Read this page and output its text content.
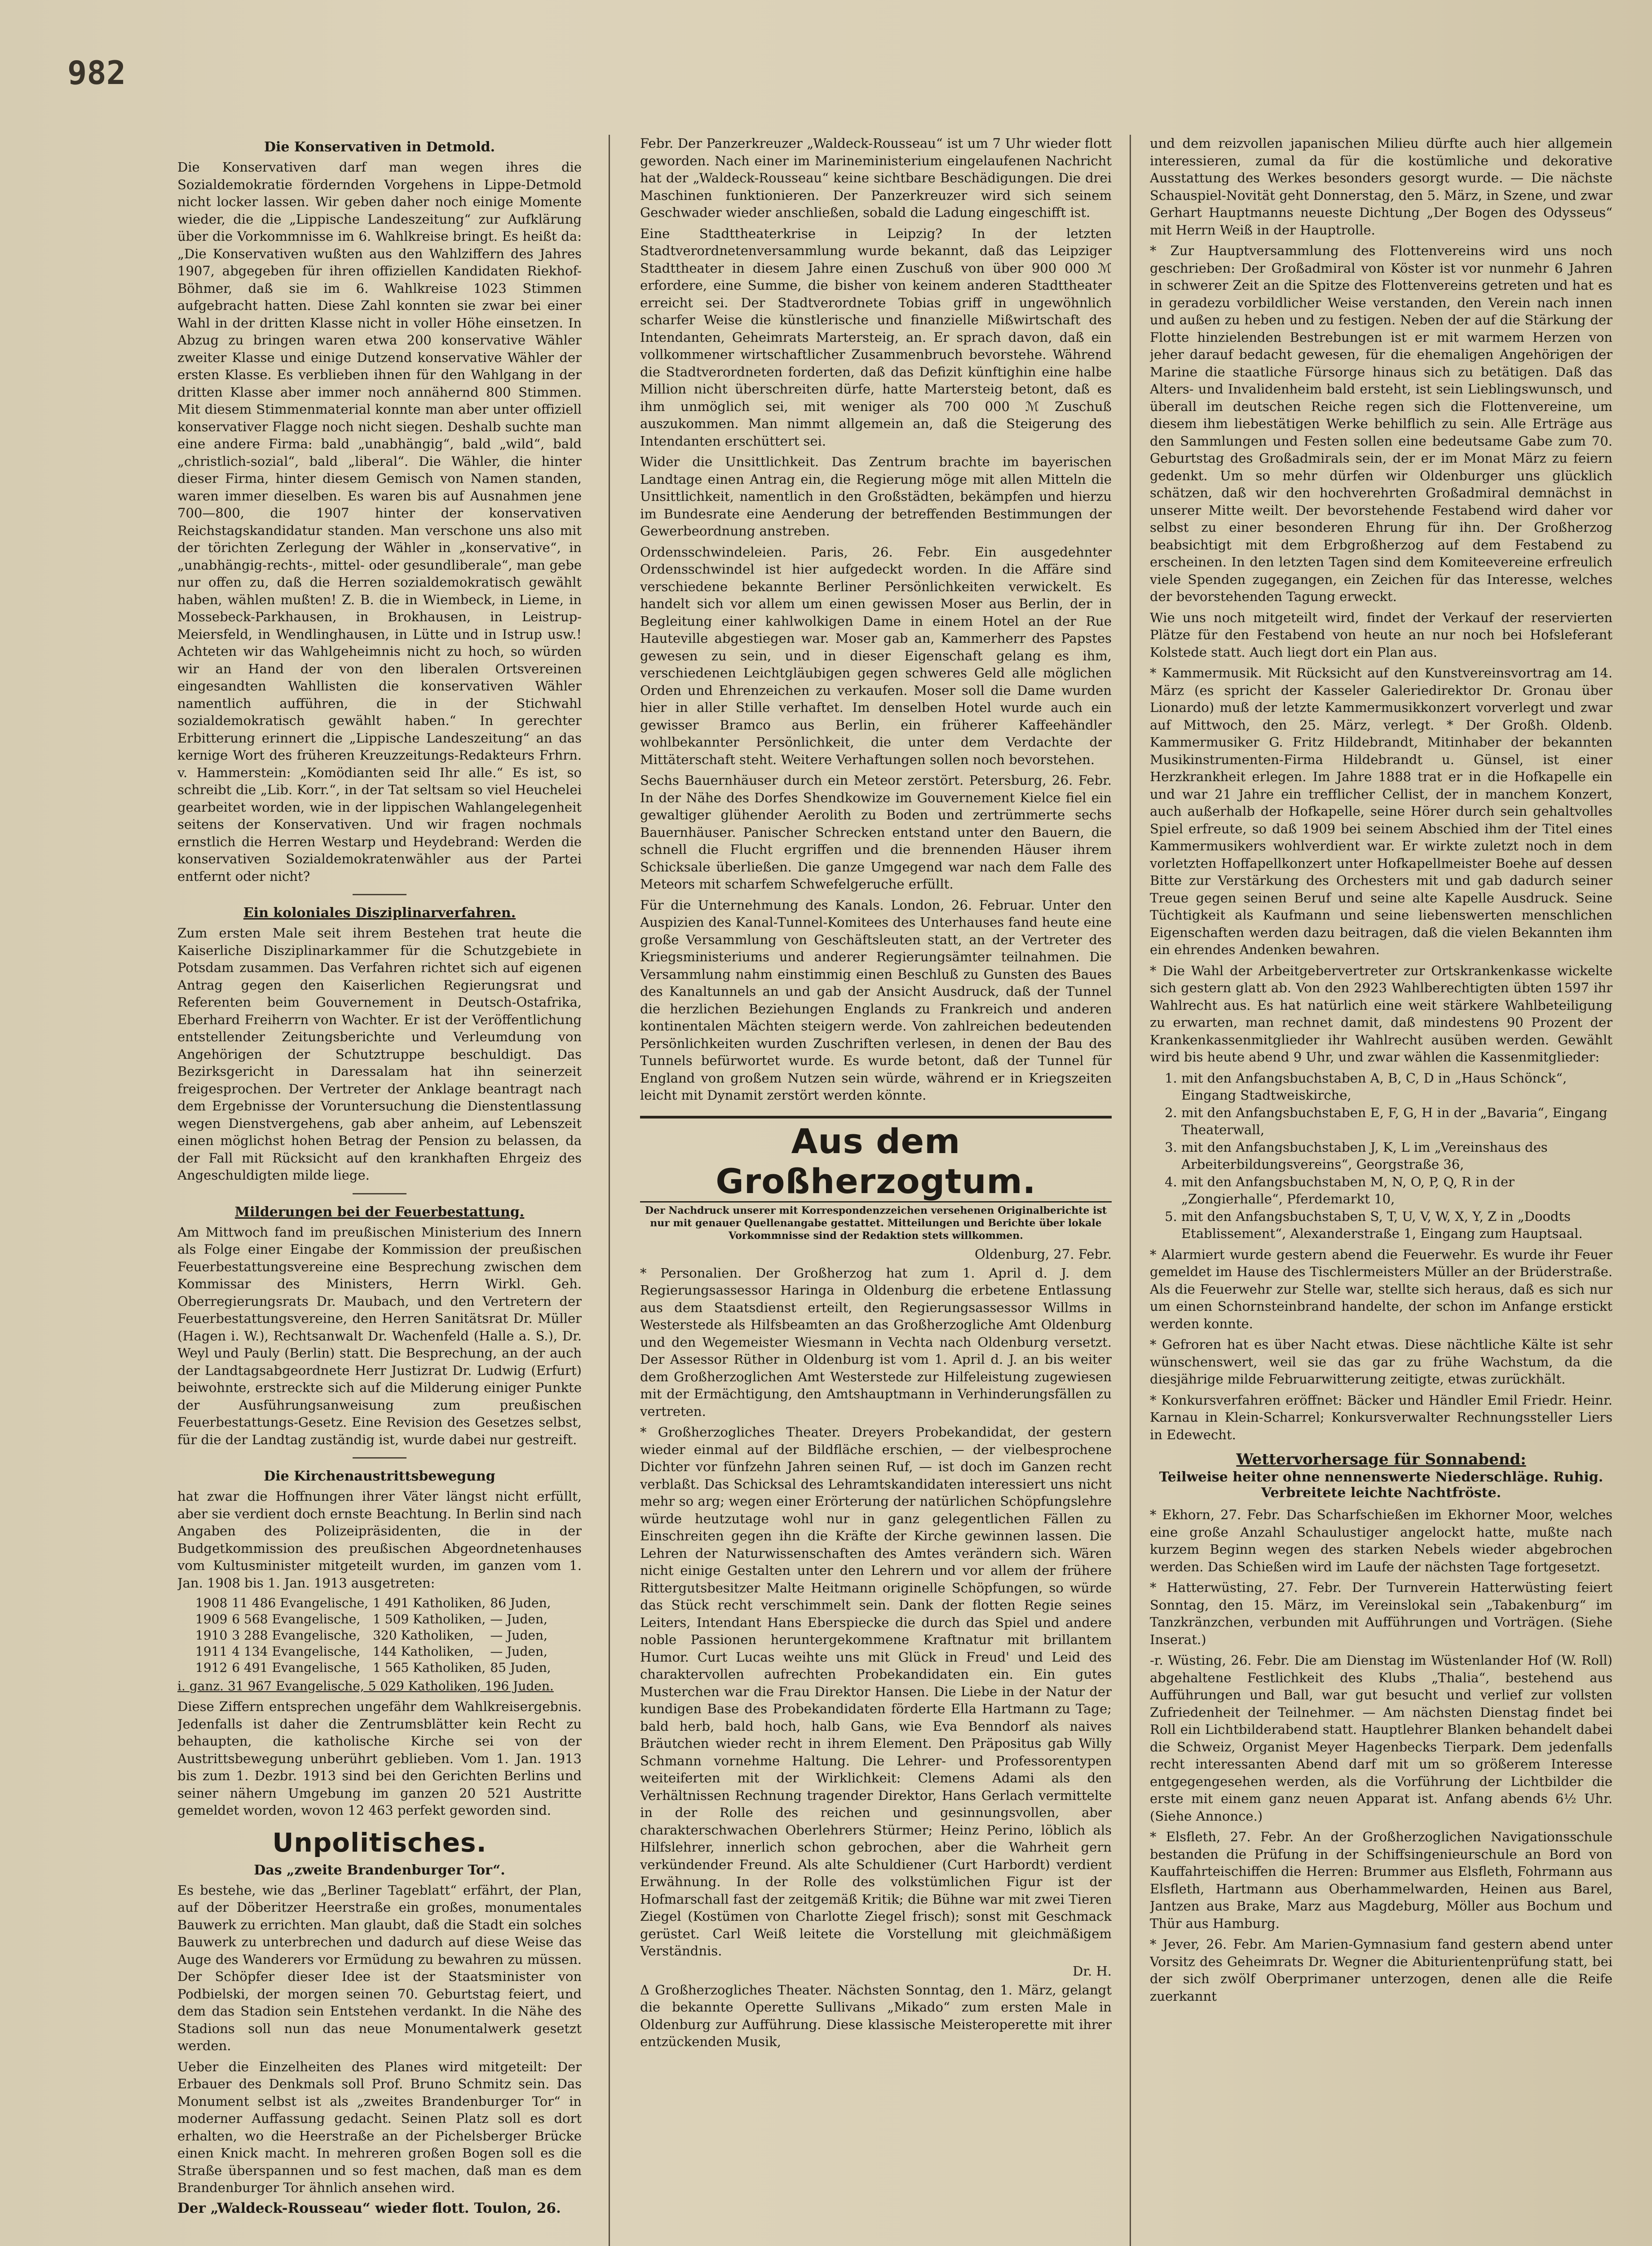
982
Die Konservativen in Detmold.

Die Konservativen darf man wegen ihres die Sozialdemokratie fördernden Vorgehens in Lippe-Detmold nicht locker lassen. Wir geben daher noch einige Momente wieder, die die „Lippische Landeszeitung“ zur Aufklärung über die Vorkommnisse im 6. Wahlkreise bringt. Es heißt da: „Die Konservativen wußten aus den Wahlziffern des Jahres 1907, abgegeben für ihren offiziellen Kandidaten Riekhof-Böhmer, daß sie im 6. Wahlkreise 1023 Stimmen aufgebracht hatten. Diese Zahl konnten sie zwar bei einer Wahl in der dritten Klasse nicht in voller Höhe einsetzen. In Abzug zu bringen waren etwa 200 konservative Wähler zweiter Klasse und einige Dutzend konservative Wähler der ersten Klasse. Es verblieben ihnen für den Wahlgang in der dritten Klasse aber immer noch annähernd 800 Stimmen. Mit diesem Stimmenmaterial konnte man aber unter offiziell konservativer Flagge noch nicht siegen. Deshalb suchte man eine andere Firma: bald „unabhängig“, bald „wild“, bald „christlich-sozial“, bald „liberal“. Die Wähler, die hinter dieser Firma, hinter diesem Gemisch von Namen standen, waren immer dieselben. Es waren bis auf Ausnahmen jene 700—800, die 1907 hinter der konservativen Reichstagskandidatur standen. Man verschone uns also mit der törichten Zerlegung der Wähler in „konservative“, in „unabhängig-rechts-, mittel- oder gesundliberale“, man gebe nur offen zu, daß die Herren sozialdemokratisch gewählt haben, wählen mußten! Z. B. die in Wiembeck, in Lieme, in Mossebeck-Parkhausen, in Brokhausen, in Leistrup-Meiersfeld, in Wendlinghausen, in Lütte und in Istrup usw.! Achteten wir das Wahlgeheimnis nicht zu hoch, so würden wir an Hand der von den liberalen Ortsvereinen eingesandten Wahllisten die konservativen Wähler namentlich aufführen, die in der Stichwahl sozialdemokratisch gewählt haben.“ In gerechter Erbitterung erinnert die „Lippische Landeszeitung“ an das kernige Wort des früheren Kreuzzeitungs-Redakteurs Frhrn. v. Hammerstein: „Komödianten seid Ihr alle.“ Es ist, so schreibt die „Lib. Korr.“, in der Tat seltsam so viel Heuchelei gearbeitet worden, wie in der lippischen Wahlangelegenheit seitens der Konservativen. Und wir fragen nochmals ernstlich die Herren Westarp und Heydebrand: Werden die konservativen Sozialdemokratenwähler aus der Partei entfernt oder nicht?

Ein koloniales Disziplinarverfahren.

Zum ersten Male seit ihrem Bestehen trat heute die Kaiserliche Disziplinarkammer für die Schutzgebiete in Potsdam zusammen. Das Verfahren richtet sich auf eigenen Antrag gegen den Kaiserlichen Regierungsrat und Referenten beim Gouvernement in Deutsch-Ostafrika, Eberhard Freiherrn von Wachter. Er ist der Veröffentlichung entstellender Zeitungsberichte und Verleumdung von Angehörigen der Schutztruppe beschuldigt. Das Bezirksgericht in Daressalam hat ihn seinerzeit freigesprochen. Der Vertreter der Anklage beantragt nach dem Ergebnisse der Voruntersuchung die Dienstentlassung wegen Dienstvergehens, gab aber anheim, auf Lebenszeit einen möglichst hohen Betrag der Pension zu belassen, da der Fall mit Rücksicht auf den krankhaften Ehrgeiz des Angeschuldigten milde liege.

Milderungen bei der Feuerbestattung.

Am Mittwoch fand im preußischen Ministerium des Innern als Folge einer Eingabe der Kommission der preußischen Feuerbestattungsvereine eine Besprechung zwischen dem Kommissar des Ministers, Herrn Wirkl. Geh. Oberregierungsrats Dr. Maubach, und den Vertretern der Feuerbestattungsvereine, den Herren Sanitätsrat Dr. Müller (Hagen i. W.), Rechtsanwalt Dr. Wachenfeld (Halle a. S.), Dr. Weyl und Pauly (Berlin) statt. Die Besprechung, an der auch der Landtagsabgeordnete Herr Justizrat Dr. Ludwig (Erfurt) beiwohnte, erstreckte sich auf die Milderung einiger Punkte der Ausführungsanweisung zum preußischen Feuerbestattungs-Gesetz. Eine Revision des Gesetzes selbst, für die der Landtag zuständig ist, wurde dabei nur gestreift.

Die Kirchenaustrittsbewegung

hat zwar die Hoffnungen ihrer Väter längst nicht erfüllt, aber sie verdient doch ernste Beachtung. In Berlin sind nach Angaben des Polizeipräsidenten, die in der Budgetkommission des preußischen Abgeordnetenhauses vom Kultusminister mitgeteilt wurden, im ganzen vom 1. Jan. 1908 bis 1. Jan. 1913 ausgetreten:

1908	11 486 Evangelische,	1 491 Katholiken,	86 Juden,
1909	6 568 Evangelische,	1 509 Katholiken,	— Juden,
1910	3 288 Evangelische,	320 Katholiken,	— Juden,
1911	4 134 Evangelische,	144 Katholiken,	— Juden,
1912	6 491 Evangelische,	1 565 Katholiken,	85 Juden,
i. ganz. 31 967 Evangelische, 5 029 Katholiken, 196 Juden.

Diese Ziffern entsprechen ungefähr dem Wahlkreisergebnis. Jedenfalls ist daher die Zentrumsblätter kein Recht zu behaupten, die katholische Kirche sei von der Austrittsbewegung unberührt geblieben. Vom 1. Jan. 1913 bis zum 1. Dezbr. 1913 sind bei den Gerichten Berlins und seiner nähern Umgebung im ganzen 20 521 Austritte gemeldet worden, wovon 12 463 perfekt geworden sind.

Unpolitisches.
Das „zweite Brandenburger Tor“.

Es bestehe, wie das „Berliner Tageblatt“ erfährt, der Plan, auf der Döberitzer Heerstraße ein großes, monumentales Bauwerk zu errichten. Man glaubt, daß die Stadt ein solches Bauwerk zu unterbrechen und dadurch auf diese Weise das Auge des Wanderers vor Ermüdung zu bewahren zu müssen. Der Schöpfer dieser Idee ist der Staatsminister von Podbielski, der morgen seinen 70. Geburtstag feiert, und dem das Stadion sein Entstehen verdankt. In die Nähe des Stadions soll nun das neue Monumentalwerk gesetzt werden.

Ueber die Einzelheiten des Planes wird mitgeteilt: Der Erbauer des Denkmals soll Prof. Bruno Schmitz sein. Das Monument selbst ist als „zweites Brandenburger Tor“ in moderner Auffassung gedacht. Seinen Platz soll es dort erhalten, wo die Heerstraße an der Pichelsberger Brücke einen Knick macht. In mehreren großen Bogen soll es die Straße überspannen und so fest machen, daß man es dem Brandenburger Tor ähnlich ansehen wird.

Der „Waldeck-Rousseau“ wieder flott. Toulon, 26.

Febr. Der Panzerkreuzer „Waldeck-Rousseau“ ist um 7 Uhr wieder flott geworden. Nach einer im Marineministerium eingelaufenen Nachricht hat der „Waldeck-Rousseau“ keine sichtbare Beschädigungen. Die drei Maschinen funktionieren. Der Panzerkreuzer wird sich seinem Geschwader wieder anschließen, sobald die Ladung eingeschifft ist.

Eine Stadttheaterkrise in Leipzig? In der letzten Stadtverordnetenversammlung wurde bekannt, daß das Leipziger Stadttheater in diesem Jahre einen Zuschuß von über 900 000 ℳ erfordere, eine Summe, die bisher von keinem anderen Stadttheater erreicht sei. Der Stadtverordnete Tobias griff in ungewöhnlich scharfer Weise die künstlerische und finanzielle Mißwirtschaft des Intendanten, Geheimrats Martersteig, an. Er sprach davon, daß ein vollkommener wirtschaftlicher Zusammenbruch bevorstehe. Während die Stadtverordneten forderten, daß das Defizit künftighin eine halbe Million nicht überschreiten dürfe, hatte Martersteig betont, daß es ihm unmöglich sei, mit weniger als 700 000 ℳ Zuschuß auszukommen. Man nimmt allgemein an, daß die Steigerung des Intendanten erschüttert sei.

Wider die Unsittlichkeit. Das Zentrum brachte im bayerischen Landtage einen Antrag ein, die Regierung möge mit allen Mitteln die Unsittlichkeit, namentlich in den Großstädten, bekämpfen und hierzu im Bundesrate eine Aenderung der betreffenden Bestimmungen der Gewerbeordnung anstreben.

Ordensschwindeleien. Paris, 26. Febr. Ein ausgedehnter Ordensschwindel ist hier aufgedeckt worden. In die Affäre sind verschiedene bekannte Berliner Persönlichkeiten verwickelt. Es handelt sich vor allem um einen gewissen Moser aus Berlin, der in Begleitung einer kahlwolkigen Dame in einem Hotel an der Rue Hauteville abgestiegen war. Moser gab an, Kammerherr des Papstes gewesen zu sein, und in dieser Eigenschaft gelang es ihm, verschiedenen Leichtgläubigen gegen schweres Geld alle möglichen Orden und Ehrenzeichen zu verkaufen. Moser soll die Dame wurden hier in aller Stille verhaftet. Im denselben Hotel wurde auch ein gewisser Bramco aus Berlin, ein früherer Kaffeehändler wohlbekannter Persönlichkeit, die unter dem Verdachte der Mittäterschaft steht. Weitere Verhaftungen sollen noch bevorstehen.

Sechs Bauernhäuser durch ein Meteor zerstört. Petersburg, 26. Febr. In der Nähe des Dorfes Shendkowize im Gouvernement Kielce fiel ein gewaltiger glühender Aerolith zu Boden und zertrümmerte sechs Bauernhäuser. Panischer Schrecken entstand unter den Bauern, die schnell die Flucht ergriffen und die brennenden Häuser ihrem Schicksale überließen. Die ganze Umgegend war nach dem Falle des Meteors mit scharfem Schwefelgeruche erfüllt.

Für die Unternehmung des Kanals. London, 26. Februar. Unter den Auspizien des Kanal-Tunnel-Komitees des Unterhauses fand heute eine große Versammlung von Geschäftsleuten statt, an der Vertreter des Kriegsministeriums und anderer Regierungsämter teilnahmen. Die Versammlung nahm einstimmig einen Beschluß zu Gunsten des Baues des Kanaltunnels an und gab der Ansicht Ausdruck, daß der Tunnel die herzlichen Beziehungen Englands zu Frankreich und anderen kontinentalen Mächten steigern werde. Von zahlreichen bedeutenden Persönlichkeiten wurden Zuschriften verlesen, in denen der Bau des Tunnels befürwortet wurde. Es wurde betont, daß der Tunnel für England von großem Nutzen sein würde, während er in Kriegszeiten leicht mit Dynamit zerstört werden könnte.

Aus dem Großherzogtum.
Der Nachdruck unserer mit Korrespondenzzeichen versehenen Originalberichte ist nur mit genauer Quellenangabe gestattet. Mitteilungen und Berichte über lokale Vorkommnisse sind der Redaktion stets willkommen.
Oldenburg, 27. Febr.

* Personalien. Der Großherzog hat zum 1. April d. J. dem Regierungsassessor Haringa in Oldenburg die erbetene Entlassung aus dem Staatsdienst erteilt, den Regierungsassessor Willms in Westerstede als Hilfsbeamten an das Großherzogliche Amt Oldenburg und den Wegemeister Wiesmann in Vechta nach Oldenburg versetzt. Der Assessor Rüther in Oldenburg ist vom 1. April d. J. an bis weiter dem Großherzoglichen Amt Westerstede zur Hilfeleistung zugewiesen mit der Ermächtigung, den Amtshauptmann in Verhinderungsfällen zu vertreten.

* Großherzogliches Theater. Dreyers Probekandidat, der gestern wieder einmal auf der Bildfläche erschien, — der vielbesprochene Dichter vor fünfzehn Jahren seinen Ruf, — ist doch im Ganzen recht verblaßt. Das Schicksal des Lehramtskandidaten interessiert uns nicht mehr so arg; wegen einer Erörterung der natürlichen Schöpfungslehre würde heutzutage wohl nur in ganz gelegentlichen Fällen zu Einschreiten gegen ihn die Kräfte der Kirche gewinnen lassen. Die Lehren der Naturwissenschaften des Amtes verändern sich. Wären nicht einige Gestalten unter den Lehrern und vor allem der frühere Rittergutsbesitzer Malte Heitmann originelle Schöpfungen, so würde das Stück recht verschimmelt sein. Dank der flotten Regie seines Leiters, Intendant Hans Eberspiecke die durch das Spiel und andere noble Passionen heruntergekommene Kraftnatur mit brillantem Humor. Curt Lucas weihte uns mit Glück in Freud' und Leid des charaktervollen aufrechten Probekandidaten ein. Ein gutes Musterchen war die Frau Direktor Hansen. Die Liebe in der Natur der kundigen Base des Probekandidaten förderte Ella Hartmann zu Tage; bald herb, bald hoch, halb Gans, wie Eva Benndorf als naives Bräutchen wieder recht in ihrem Element. Den Präpositus gab Willy Schmann vornehme Haltung. Die Lehrer- und Professorentypen weiteiferten mit der Wirklichkeit: Clemens Adami als den Verhältnissen Rechnung tragender Direktor, Hans Gerlach vermittelte in der Rolle des reichen und gesinnungsvollen, aber charakterschwachen Oberlehrers Stürmer; Heinz Perino, löblich als Hilfslehrer, innerlich schon gebrochen, aber die Wahrheit gern verkündender Freund. Als alte Schuldiener (Curt Harbordt) verdient Erwähnung. In der Rolle des volkstümlichen Figur ist der Hofmarschall fast der zeitgemäß Kritik; die Bühne war mit zwei Tieren Ziegel (Kostümen von Charlotte Ziegel frisch); sonst mit Geschmack gerüstet. Carl Weiß leitete die Vorstellung mit gleichmäßigem Verständnis.

Dr. H.

Δ Großherzogliches Theater. Nächsten Sonntag, den 1. März, gelangt die bekannte Operette Sullivans „Mikado“ zum ersten Male in Oldenburg zur Aufführung. Diese klassische Meisteroperette mit ihrer entzückenden Musik,

und dem reizvollen japanischen Milieu dürfte auch hier allgemein interessieren, zumal da für die kostümliche und dekorative Ausstattung des Werkes besonders gesorgt wurde. — Die nächste Schauspiel-Novität geht Donnerstag, den 5. März, in Szene, und zwar Gerhart Hauptmanns neueste Dichtung „Der Bogen des Odysseus“ mit Herrn Weiß in der Hauptrolle.

* Zur Hauptversammlung des Flottenvereins wird uns noch geschrieben: Der Großadmiral von Köster ist vor nunmehr 6 Jahren in schwerer Zeit an die Spitze des Flottenvereins getreten und hat es in geradezu vorbildlicher Weise verstanden, den Verein nach innen und außen zu heben und zu festigen. Neben der auf die Stärkung der Flotte hinzielenden Bestrebungen ist er mit warmem Herzen von jeher darauf bedacht gewesen, für die ehemaligen Angehörigen der Marine die staatliche Fürsorge hinaus sich zu betätigen. Daß das Alters- und Invalidenheim bald ersteht, ist sein Lieblingswunsch, und überall im deutschen Reiche regen sich die Flottenvereine, um diesem ihm liebestätigen Werke behilflich zu sein. Alle Erträge aus den Sammlungen und Festen sollen eine bedeutsame Gabe zum 70. Geburtstag des Großadmirals sein, der er im Monat März zu feiern gedenkt. Um so mehr dürfen wir Oldenburger uns glücklich schätzen, daß wir den hochverehrten Großadmiral demnächst in unserer Mitte weilt. Der bevorstehende Festabend wird daher vor selbst zu einer besonderen Ehrung für ihn. Der Großherzog beabsichtigt mit dem Erbgroßherzog auf dem Festabend zu erscheinen. In den letzten Tagen sind dem Komiteevereine erfreulich viele Spenden zugegangen, ein Zeichen für das Interesse, welches der bevorstehenden Tagung erweckt.

Wie uns noch mitgeteilt wird, findet der Verkauf der reservierten Plätze für den Festabend von heute an nur noch bei Hofsleferant Kolstede statt. Auch liegt dort ein Plan aus.

* Kammermusik. Mit Rücksicht auf den Kunstvereinsvortrag am 14. März (es spricht der Kasseler Galeriedirektor Dr. Gronau über Lionardo) muß der letzte Kammermusikkonzert vorverlegt und zwar auf Mittwoch, den 25. März, verlegt. * Der Großh. Oldenb. Kammermusiker G. Fritz Hildebrandt, Mitinhaber der bekannten Musikinstrumenten-Firma Hildebrandt u. Günsel, ist einer Herzkrankheit erlegen. Im Jahre 1888 trat er in die Hofkapelle ein und war 21 Jahre ein trefflicher Cellist, der in manchem Konzert, auch außerhalb der Hofkapelle, seine Hörer durch sein gehaltvolles Spiel erfreute, so daß 1909 bei seinem Abschied ihm der Titel eines Kammermusikers wohlverdient war. Er wirkte zuletzt noch in dem vorletzten Hoffapellkonzert unter Hofkapellmeister Boehe auf dessen Bitte zur Verstärkung des Orchesters mit und gab dadurch seiner Treue gegen seinen Beruf und seine alte Kapelle Ausdruck. Seine Tüchtigkeit als Kaufmann und seine liebenswerten menschlichen Eigenschaften werden dazu beitragen, daß die vielen Bekannten ihm ein ehrendes Andenken bewahren.

* Die Wahl der Arbeitgebervertreter zur Ortskrankenkasse wickelte sich gestern glatt ab. Von den 2923 Wahlberechtigten übten 1597 ihr Wahlrecht aus. Es hat natürlich eine weit stärkere Wahlbeteiligung zu erwarten, man rechnet damit, daß mindestens 90 Prozent der Krankenkassenmitglieder ihr Wahlrecht ausüben werden. Gewählt wird bis heute abend 9 Uhr, und zwar wählen die Kassenmitglieder:

1. mit den Anfangsbuchstaben A, B, C, D in „Haus Schönck“, Eingang Stadtweiskirche,
2. mit den Anfangsbuchstaben E, F, G, H in der „Bavaria“, Eingang Theaterwall,
3. mit den Anfangsbuchstaben J, K, L im „Vereinshaus des Arbeiterbildungsvereins“, Georgstraße 36,
4. mit den Anfangsbuchstaben M, N, O, P, Q, R in der „Zongierhalle“, Pferdemarkt 10,
5. mit den Anfangsbuchstaben S, T, U, V, W, X, Y, Z in „Doodts Etablissement“, Alexanderstraße 1, Eingang zum Hauptsaal.

* Alarmiert wurde gestern abend die Feuerwehr. Es wurde ihr Feuer gemeldet im Hause des Tischlermeisters Müller an der Brüderstraße. Als die Feuerwehr zur Stelle war, stellte sich heraus, daß es sich nur um einen Schornsteinbrand handelte, der schon im Anfange erstickt werden konnte.

* Gefroren hat es über Nacht etwas. Diese nächtliche Kälte ist sehr wünschenswert, weil sie das gar zu frühe Wachstum, da die diesjährige milde Februarwitterung zeitigte, etwas zurückhält.

* Konkursverfahren eröffnet: Bäcker und Händler Emil Friedr. Heinr. Karnau in Klein-Scharrel; Konkursverwalter Rechnungssteller Liers in Edewecht.

Wettervorhersage für Sonnabend:
Teilweise heiter ohne nennenswerte Niederschläge. Ruhig. Verbreitete leichte Nachtfröste.

* Ekhorn, 27. Febr. Das Scharfschießen im Ekhorner Moor, welches eine große Anzahl Schaulustiger angelockt hatte, mußte nach kurzem Beginn wegen des starken Nebels wieder abgebrochen werden. Das Schießen wird im Laufe der nächsten Tage fortgesetzt.

* Hatterwüsting, 27. Febr. Der Turnverein Hatterwüsting feiert Sonntag, den 15. März, im Vereinslokal sein „Tabakenburg“ im Tanzkränzchen, verbunden mit Aufführungen und Vorträgen. (Siehe Inserat.)

-r. Wüsting, 26. Febr. Die am Dienstag im Wüstenlander Hof (W. Roll) abgehaltene Festlichkeit des Klubs „Thalia“, bestehend aus Aufführungen und Ball, war gut besucht und verlief zur vollsten Zufriedenheit der Teilnehmer. — Am nächsten Dienstag findet bei Roll ein Lichtbilderabend statt. Hauptlehrer Blanken behandelt dabei die Schweiz, Organist Meyer Hagenbecks Tierpark. Dem jedenfalls recht interessanten Abend darf mit um so größerem Interesse entgegengesehen werden, als die Vorführung der Lichtbilder die erste mit einem ganz neuen Apparat ist. Anfang abends 6½ Uhr. (Siehe Annonce.)

* Elsfleth, 27. Febr. An der Großherzoglichen Navigationsschule bestanden die Prüfung in der Schiffsingenieurschule an Bord von Kauffahrteischiffen die Herren: Brummer aus Elsfleth, Fohrmann aus Elsfleth, Hartmann aus Oberhammelwarden, Heinen aus Barel, Jantzen aus Brake, Marz aus Magdeburg, Möller aus Bochum und Thür aus Hamburg.

* Jever, 26. Febr. Am Marien-Gymnasium fand gestern abend unter Vorsitz des Geheimrats Dr. Wegner die Abiturientenprüfung statt, bei der sich zwölf Oberprimaner unterzogen, denen alle die Reife zuerkannt
